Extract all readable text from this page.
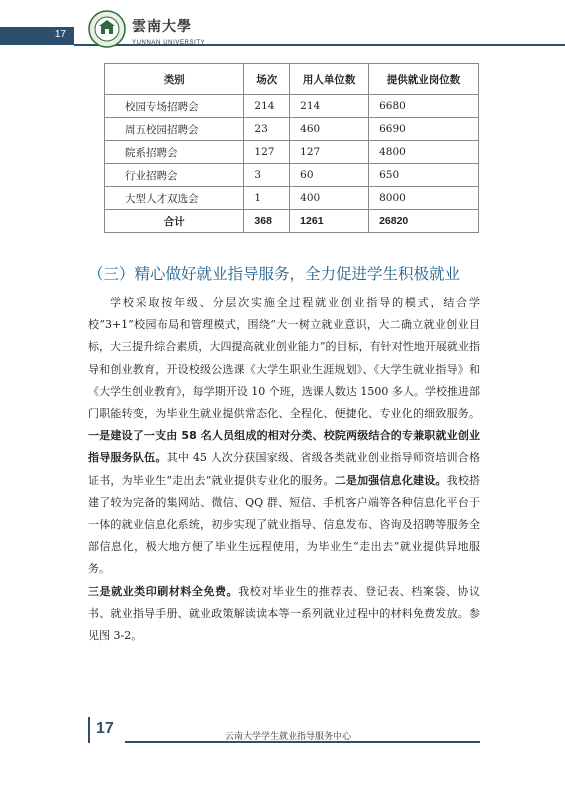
17	雲南大學
YUNNAN UNIVERSITY
类别	场次	用人单位数	提供就业岗位数
校园专场招聘会	214	214	6680
周五校园招聘会	23	460	6690
院系招聘会	127	127	4800
行业招聘会	3	60	650
大型人才双选会	1	400	8000
合计	368	1261	26820
（三）精心做好就业指导服务，全力促进学生积极就业

学校采取按年级、分层次实施全过程就业创业指导的模式，结合学校“3+1”校园布局和管理模式，围绕“大一树立就业意识，大二确立就业创业目标，大三提升综合素质，大四提高就业创业能力”的目标，有针对性地开展就业指导和创业教育，开设校级公选课《大学生职业生涯规划》、《大学生就业指导》和《大学生创业教育》，每学期开设 10 个班，选课人数达 1500 多人。学校推进部门职能转变，为毕业生就业提供常态化、全程化、便捷化、专业化的细致服务。一是建设了一支由 58 名人员组成的相对分类、校院两级结合的专兼职就业创业指导服务队伍。其中 45 人次分获国家级、省级各类就业创业指导师资培训合格证书，为毕业生“走出去”就业提供专业化的服务。二是加强信息化建设。我校搭建了较为完备的集网站、微信、QQ 群、短信、手机客户端等各种信息化平台于一体的就业信息化系统，初步实现了就业指导、信息发布、咨询及招聘等服务全部信息化，极大地方便了毕业生远程使用，为毕业生“走出去”就业提供异地服务。

三是就业类印刷材料全免费。我校对毕业生的推荐表、登记表、档案袋、协议书、就业指导手册、就业政策解读读本等一系列就业过程中的材料免费发放。参见图 3-2。

17	云南大学学生就业指导服务中心
